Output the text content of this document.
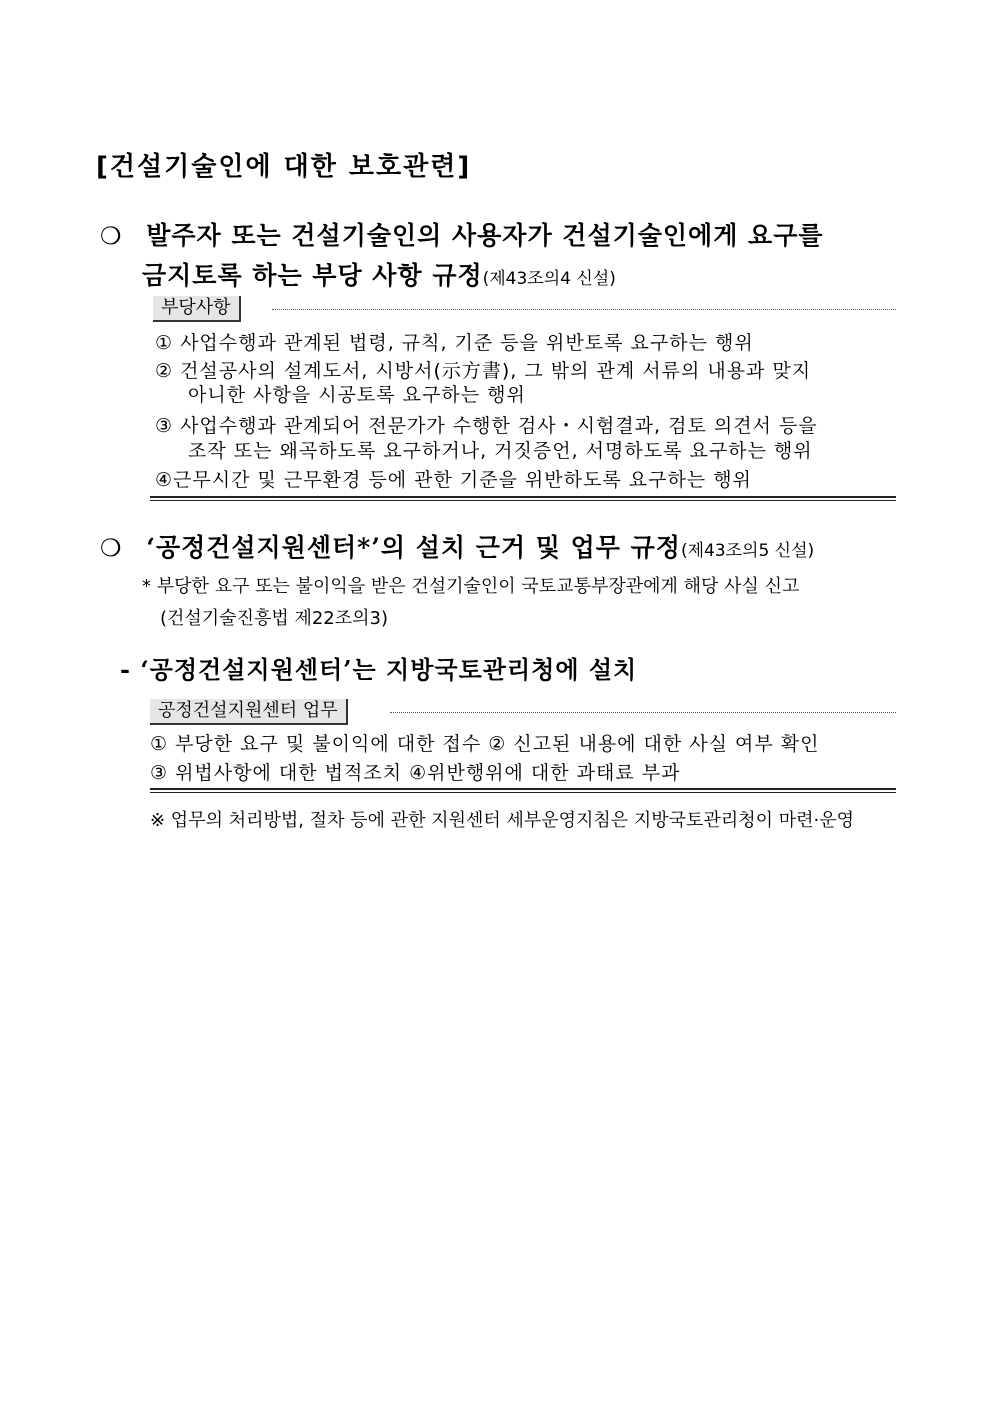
[건설기술인에 대한 보호관련]
❍ 발주자 또는 건설기술인의 사용자가 건설기술인에게 요구를
금지토록 하는 부당 사항 규정(제43조의4 신설)
부당사항
① 사업수행과 관계된 법령, 규칙, 기준 등을 위반토록 요구하는 행위
② 건설공사의 설계도서, 시방서(示方書), 그 밖의 관계 서류의 내용과 맞지
아니한 사항을 시공토록 요구하는 행위
③ 사업수행과 관계되어 전문가가 수행한 검사・시험결과, 검토 의견서 등을
조작 또는 왜곡하도록 요구하거나, 거짓증언, 서명하도록 요구하는 행위
④근무시간 및 근무환경 등에 관한 기준을 위반하도록 요구하는 행위
❍ ‘공정건설지원센터*’의 설치 근거 및 업무 규정(제43조의5 신설)
* 부당한 요구 또는 불이익을 받은 건설기술인이 국토교통부장관에게 해당 사실 신고
(건설기술진흥법 제22조의3)
- ‘공정건설지원센터’는 지방국토관리청에 설치
공정건설지원센터 업무
① 부당한 요구 및 불이익에 대한 접수 ② 신고된 내용에 대한 사실 여부 확인
③ 위법사항에 대한 법적조치 ④위반행위에 대한 과태료 부과
※ 업무의 처리방법, 절차 등에 관한 지원센터 세부운영지침은 지방국토관리청이 마련·운영
